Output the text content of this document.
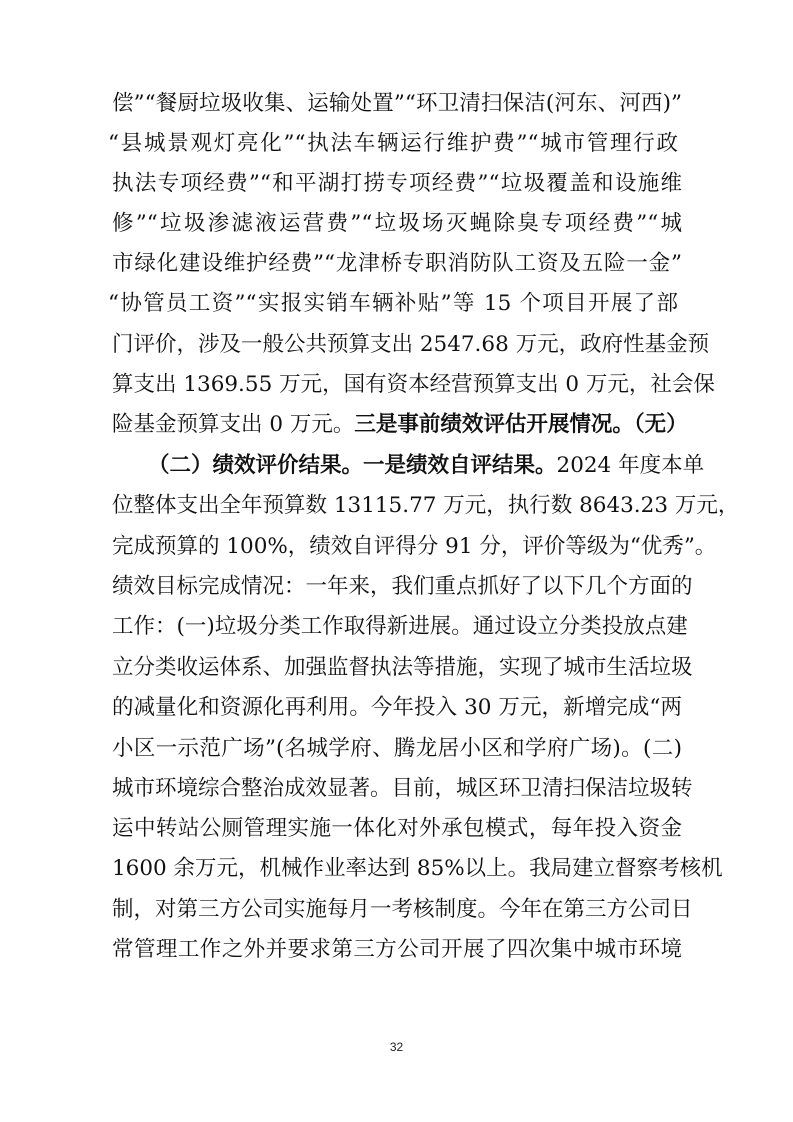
偿”“餐厨垃圾收集、运输处置”“环卫清扫保洁(河东、河西)”
“县城景观灯亮化”“执法车辆运行维护费”“城市管理行政
执法专项经费”“和平湖打捞专项经费”“垃圾覆盖和设施维
修”“垃圾渗滤液运营费”“垃圾场灭蝇除臭专项经费”“城
市绿化建设维护经费”“龙津桥专职消防队工资及五险一金”
“协管员工资”“实报实销车辆补贴”等 15 个项目开展了部
门评价，涉及一般公共预算支出 2547.68 万元，政府性基金预
算支出 1369.55 万元，国有资本经营预算支出 0 万元，社会保
险基金预算支出 0 万元。三是事前绩效评估开展情况。（无）
（二）绩效评价结果。一是绩效自评结果。2024 年度本单
位整体支出全年预算数 13115.77 万元，执行数 8643.23 万元，
完成预算的 100%，绩效自评得分 91 分，评价等级为“优秀”。
绩效目标完成情况：一年来，我们重点抓好了以下几个方面的
工作：(一)垃圾分类工作取得新进展。通过设立分类投放点建
立分类收运体系、加强监督执法等措施，实现了城市生活垃圾
的减量化和资源化再利用。今年投入 30 万元，新增完成“两
小区一示范广场”(名城学府、腾龙居小区和学府广场)。(二)
城市环境综合整治成效显著。目前，城区环卫清扫保洁垃圾转
运中转站公厕管理实施一体化对外承包模式，每年投入资金
1600 余万元，机械作业率达到 85%以上。我局建立督察考核机
制，对第三方公司实施每月一考核制度。今年在第三方公司日
常管理工作之外并要求第三方公司开展了四次集中城市环境
32
